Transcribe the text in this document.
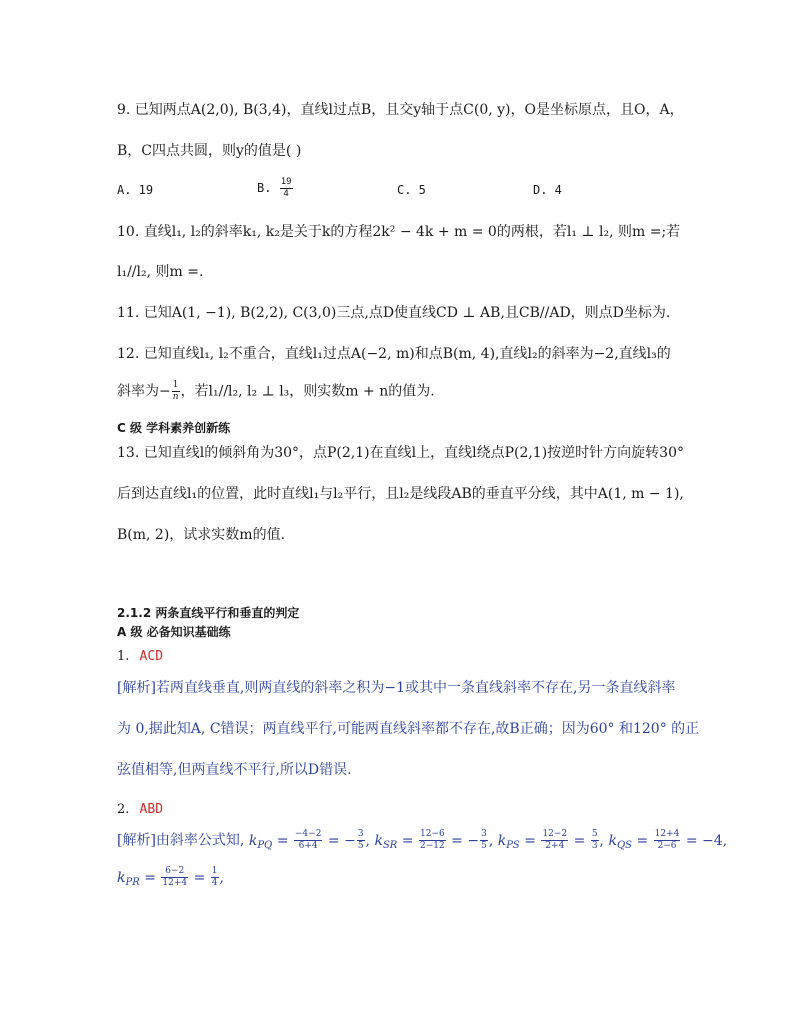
9. 已知两点A(2,0), B(3,4)，直线l过点B，且交y轴于点C(0, y)，O是坐标原点，且O，A，
B，C四点共圆，则y的值是( )
A. 19	B. $\frac{19}{4}$	C. 5	D. 4
10. 直线l₁, l₂的斜率k₁, k₂是关于k的方程2k² − 4k + m = 0的两根，若l₁ ⊥ l₂, 则m =;若
l₁//l₂, 则m =.
11. 已知A(1, −1), B(2,2), C(3,0)三点,点D使直线CD ⊥ AB,且CB//AD，则点D坐标为.
12. 已知直线l₁, l₂不重合，直线l₁过点A(−2, m)和点B(m, 4),直线l₂的斜率为−2,直线l₃的
斜率为− $\frac{1}{n}$ ，若l₁//l₂, l₂ ⊥ l₃，则实数m + n的值为.
C 级 学科素养创新练
13. 已知直线l的倾斜角为30°，点P(2,1)在直线l上，直线l绕点P(2,1)按逆时针方向旋转30°
后到达直线l₁的位置，此时直线l₁与l₂平行，且l₂是线段AB的垂直平分线，其中A(1, m − 1),
B(m, 2)，试求实数m的值.
2.1.2 两条直线平行和垂直的判定
A 级 必备知识基础练
1. ACD
[解析]若两直线垂直,则两直线的斜率之积为−1或其中一条直线斜率不存在,另一条直线斜率
为 0,据此知A, C错误；两直线平行,可能两直线斜率都不存在,故B正确；因为60° 和120° 的正
弦值相等,但两直线不平行,所以D错误.
2. ABD
[解析]由斜率公式知, $k_{PQ} = \frac{-4-2}{6+4}$ = − $\frac{3}{5}$ , $k_{SR} = \frac{12-6}{2-12}$ = − $\frac{3}{5}$ , $k_{PS} = \frac{12-2}{2+4} = \frac{5}{3}$ , $k_{QS} = \frac{12+4}{2-6} = -4$,
$k_{PR} = \frac{6-2}{12+4} = \frac{1}{4}$ ,
